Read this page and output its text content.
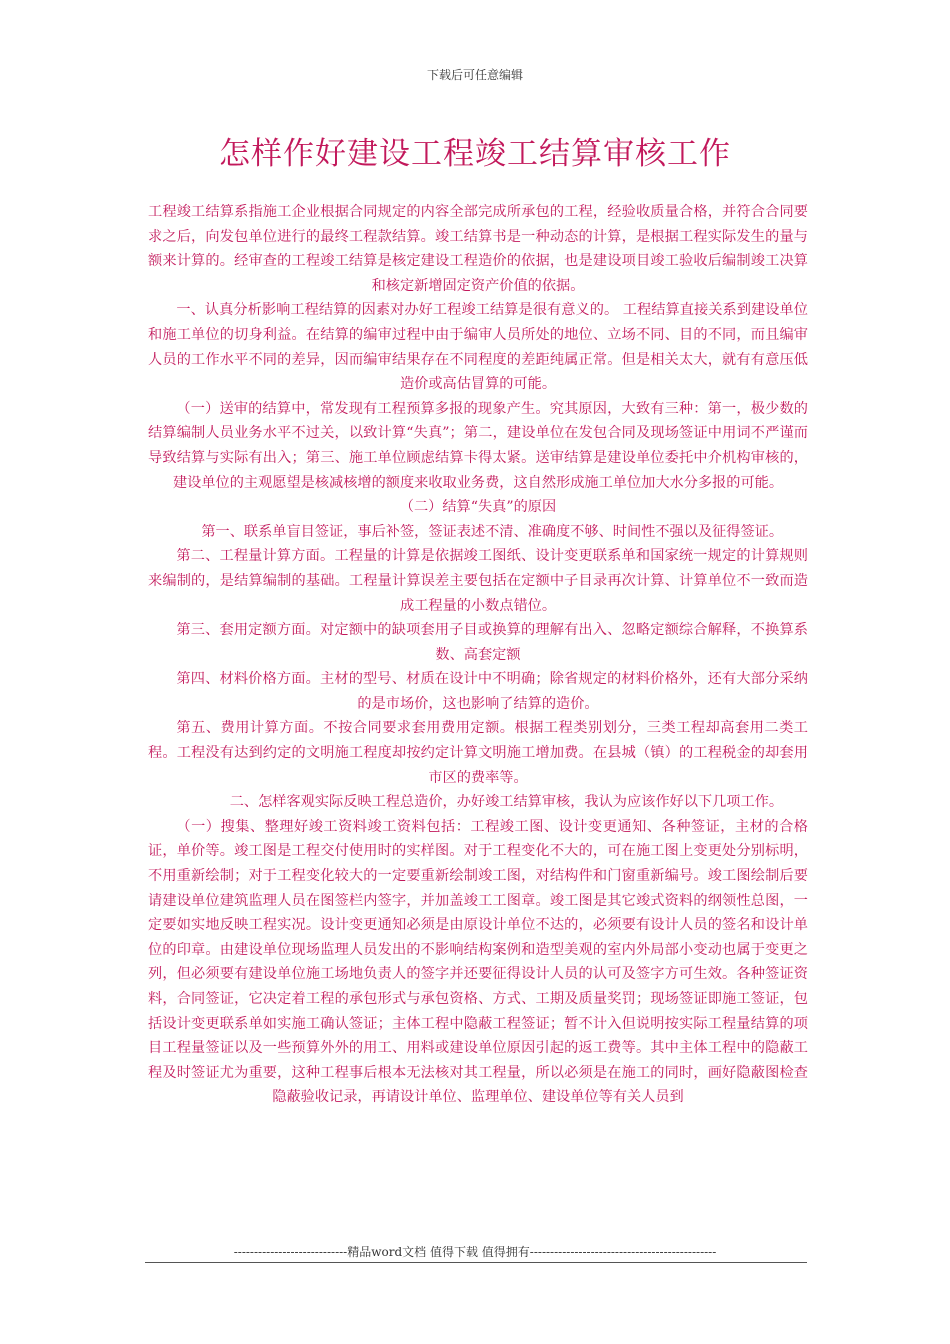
下载后可任意编辑
怎样作好建设工程竣工结算审核工作

工程竣工结算系指施工企业根据合同规定的内容全部完成所承包的工程，经验收质量合格，并符合合同要求之后，向发包单位进行的最终工程款结算。竣工结算书是一种动态的计算，是根据工程实际发生的量与额来计算的。经审查的工程竣工结算是核定建设工程造价的依据，也是建设项目竣工验收后编制竣工决算和核定新增固定资产价值的依据。

一、认真分析影响工程结算的因素对办好工程竣工结算是很有意义的。 工程结算直接关系到建设单位和施工单位的切身利益。在结算的编审过程中由于编审人员所处的地位、立场不同、目的不同，而且编审人员的工作水平不同的差异，因而编审结果存在不同程度的差距纯属正常。但是相关太大，就有有意压低造价或高估冒算的可能。

（一）送审的结算中，常发现有工程预算多报的现象产生。究其原因，大致有三种：第一，极少数的结算编制人员业务水平不过关，以致计算“失真”；第二，建设单位在发包合同及现场签证中用词不严谨而导致结算与实际有出入；第三、施工单位顾虑结算卡得太紧。送审结算是建设单位委托中介机构审核的，建设单位的主观愿望是核减核增的额度来收取业务费，这自然形成施工单位加大水分多报的可能。

（二）结算“失真”的原因

第一、联系单盲目签证，事后补签，签证表述不清、准确度不够、时间性不强以及征得签证。

第二、工程量计算方面。工程量的计算是依据竣工图纸、设计变更联系单和国家统一规定的计算规则来编制的，是结算编制的基础。工程量计算误差主要包括在定额中子目录再次计算、计算单位不一致而造成工程量的小数点错位。

第三、套用定额方面。对定额中的缺项套用子目或换算的理解有出入、忽略定额综合解释，不换算系数、高套定额

第四、材料价格方面。主材的型号、材质在设计中不明确；除省规定的材料价格外，还有大部分采纳的是市场价，这也影响了结算的造价。

第五、费用计算方面。不按合同要求套用费用定额。根据工程类别划分，三类工程却高套用二类工程。工程没有达到约定的文明施工程度却按约定计算文明施工增加费。在县城（镇）的工程税金的却套用市区的费率等。

二、怎样客观实际反映工程总造价，办好竣工结算审核，我认为应该作好以下几项工作。

（一）搜集、整理好竣工资料竣工资料包括：工程竣工图、设计变更通知、各种签证，主材的合格证，单价等。竣工图是工程交付使用时的实样图。对于工程变化不大的，可在施工图上变更处分别标明，不用重新绘制；对于工程变化较大的一定要重新绘制竣工图，对结构件和门窗重新编号。竣工图绘制后要请建设单位建筑监理人员在图签栏内签字，并加盖竣工工图章。竣工图是其它竣式资料的纲领性总图，一定要如实地反映工程实况。设计变更通知必须是由原设计单位不达的，必须要有设计人员的签名和设计单位的印章。由建设单位现场监理人员发出的不影响结构案例和造型美观的室内外局部小变动也属于变更之列，但必须要有建设单位施工场地负责人的签字并还要征得设计人员的认可及签字方可生效。各种签证资料，合同签证，它决定着工程的承包形式与承包资格、方式、工期及质量奖罚；现场签证即施工签证，包括设计变更联系单如实施工确认签证；主体工程中隐蔽工程签证；暂不计入但说明按实际工程量结算的项目工程量签证以及一些预算外外的用工、用料或建设单位原因引起的返工费等。其中主体工程中的隐蔽工程及时签证尤为重要，这种工程事后根本无法核对其工程量，所以必须是在施工的同时，画好隐蔽图检查隐蔽验收记录，再请设计单位、监理单位、建设单位等有关人员到

----------------------------精品word文档 值得下载 值得拥有----------------------------------------------
